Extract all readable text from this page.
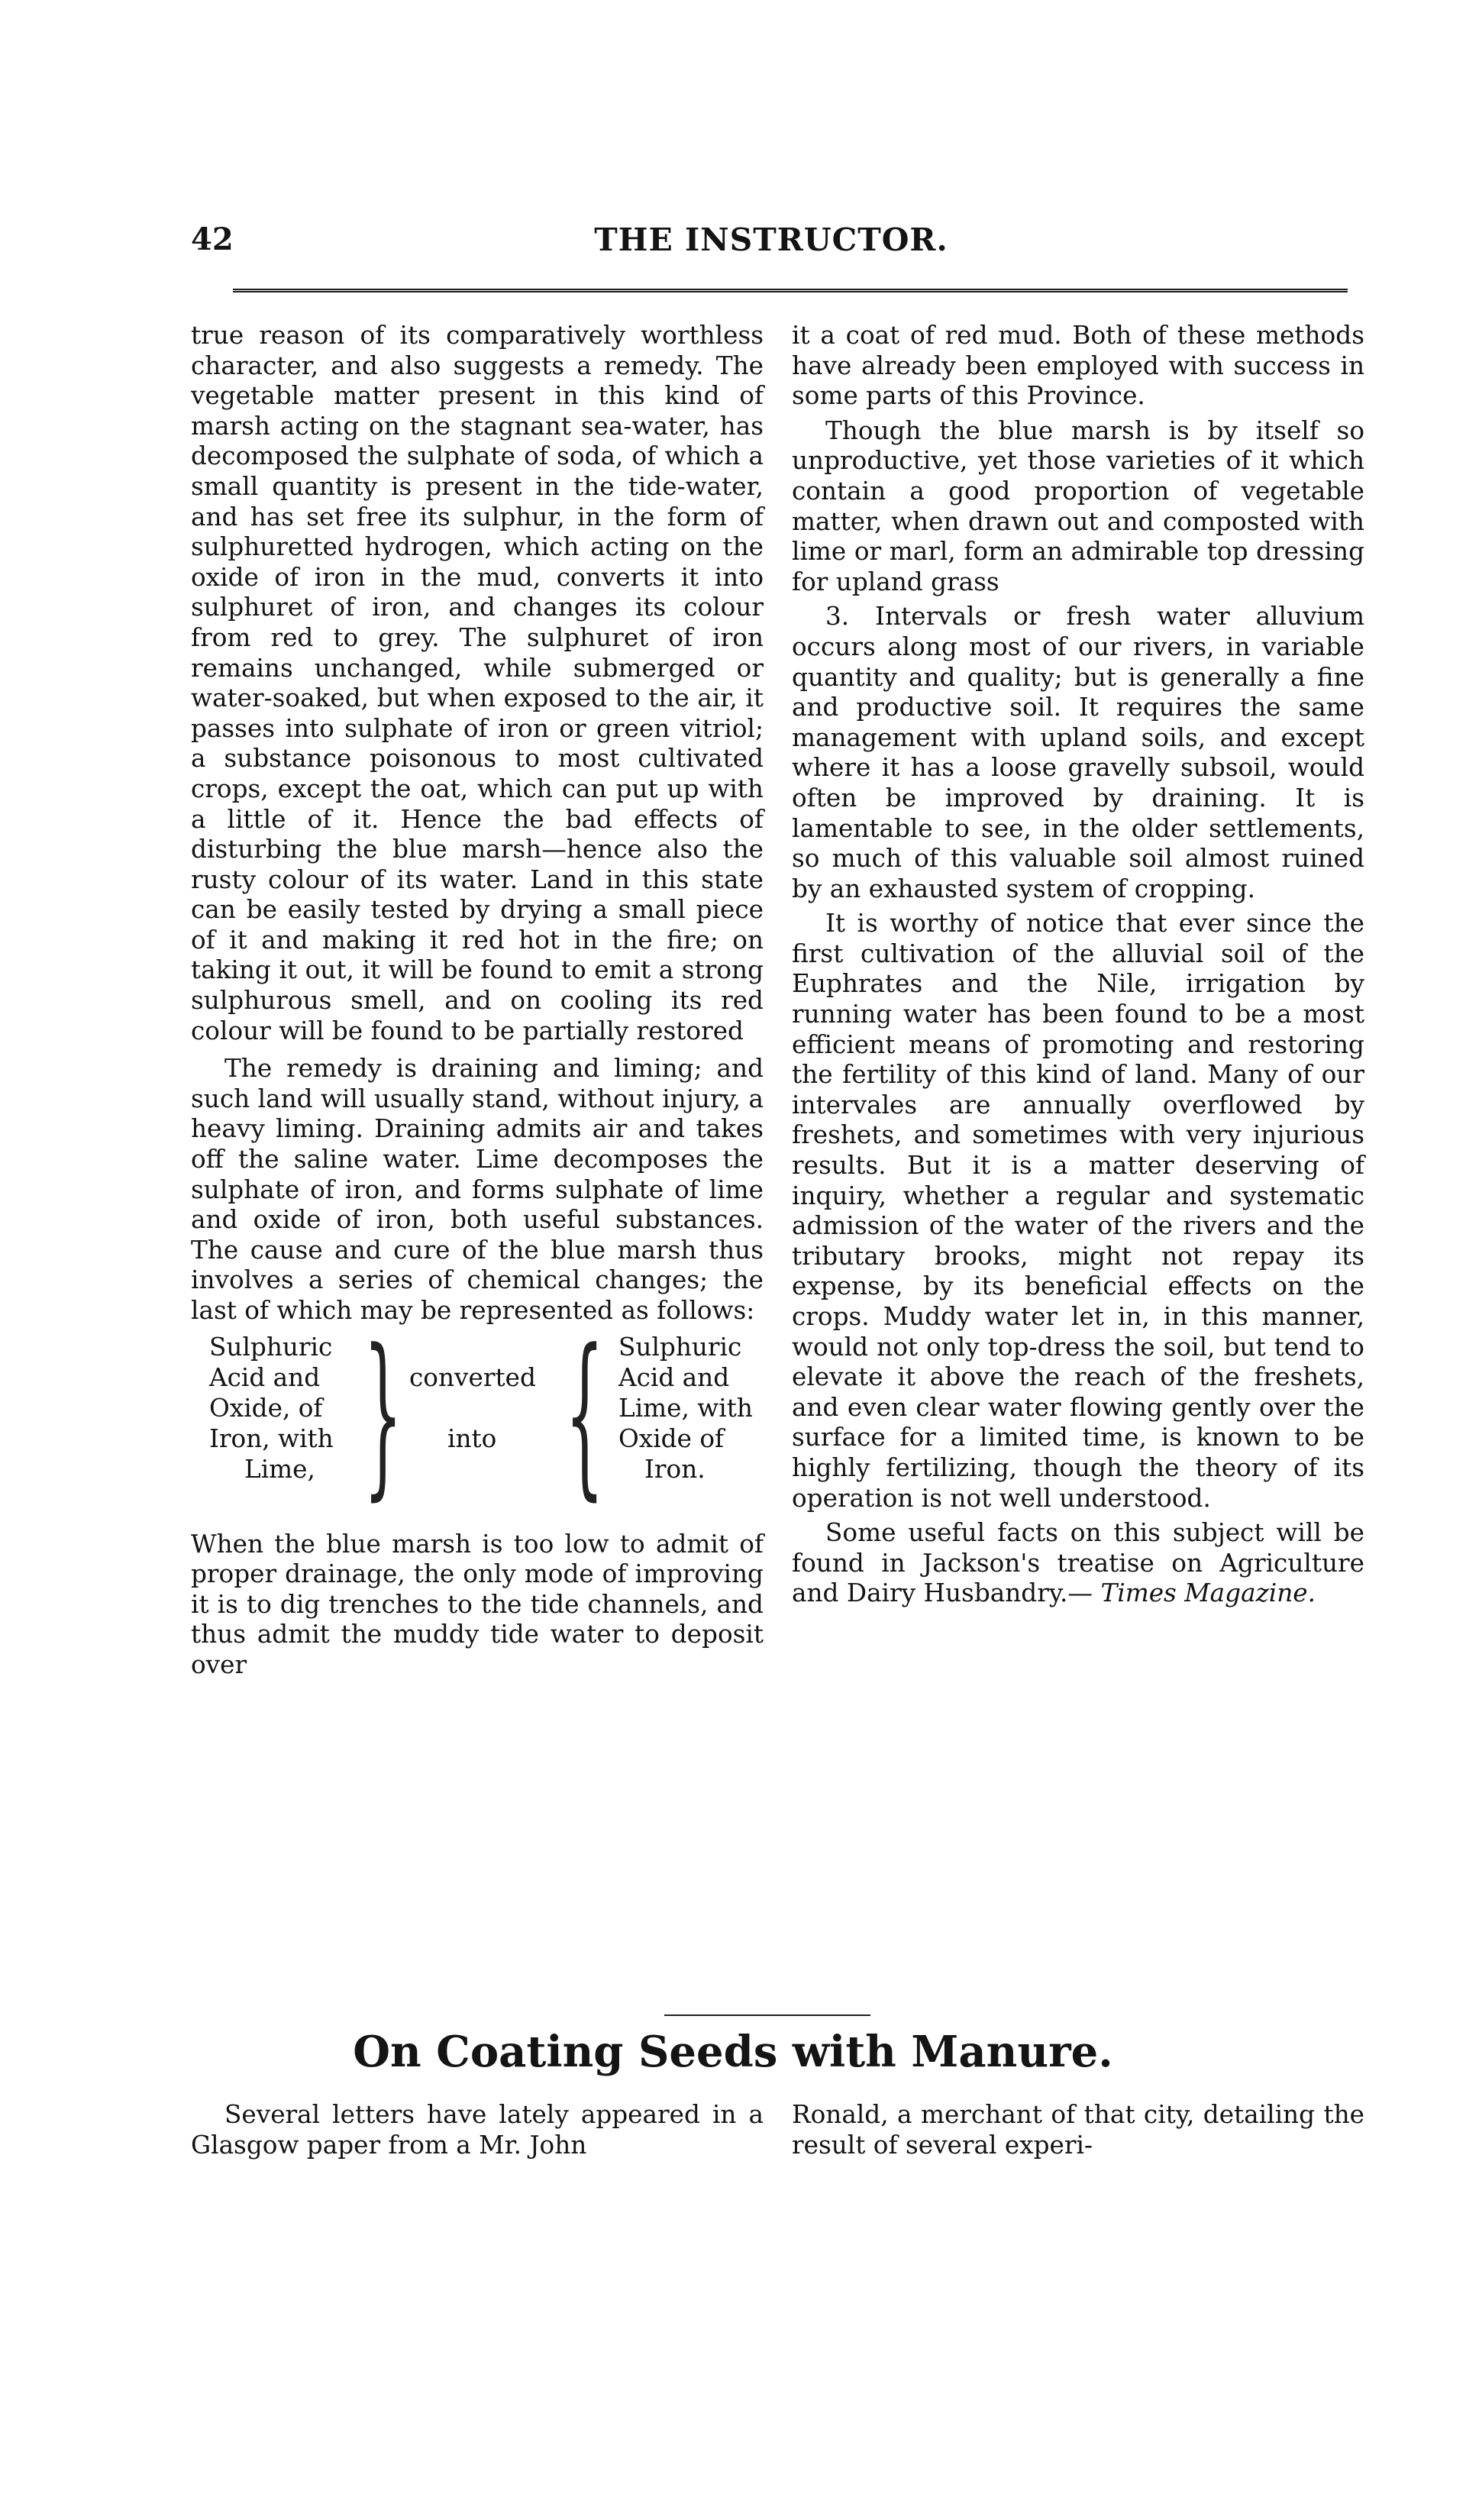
42	THE INSTRUCTOR.

true reason of its comparatively worthless character, and also suggests a remedy. The vegetable matter present in this kind of marsh acting on the stagnant sea-water, has decomposed the sulphate of soda, of which a small quantity is present in the tide-water, and has set free its sulphur, in the form of sulphuretted hydrogen, which acting on the oxide of iron in the mud, converts it into sulphuret of iron, and changes its colour from red to grey. The sulphuret of iron remains unchanged, while submerged or water-soaked, but when exposed to the air, it passes into sulphate of iron or green vitriol; a substance poisonous to most cultivated crops, except the oat, which can put up with a little of it. Hence the bad effects of disturbing the blue marsh—hence also the rusty colour of its water. Land in this state can be easily tested by drying a small piece of it and making it red hot in the fire; on taking it out, it will be found to emit a strong sulphurous smell, and on cooling its red colour will be found to be partially restored

The remedy is draining and liming; and such land will usually stand, without injury, a heavy liming. Draining admits air and takes off the saline water. Lime decomposes the sulphate of iron, and forms sulphate of lime and oxide of iron, both useful substances. The cause and cure of the blue marsh thus involves a series of chemical changes; the last of which may be represented as follows:

Sulphuric
Acid and
Oxide, of
Iron, with
Lime, } converted
into { Sulphuric
Acid and
Lime, with
Oxide of
Iron.

When the blue marsh is too low to admit of proper drainage, the only mode of improving it is to dig trenches to the tide channels, and thus admit the muddy tide water to deposit over

it a coat of red mud. Both of these methods have already been employed with success in some parts of this Province.

Though the blue marsh is by itself so unproductive, yet those varieties of it which contain a good proportion of vegetable matter, when drawn out and composted with lime or marl, form an admirable top dressing for upland grass

3. Intervals or fresh water alluvium occurs along most of our rivers, in variable quantity and quality; but is generally a fine and productive soil. It requires the same management with upland soils, and except where it has a loose gravelly subsoil, would often be improved by draining. It is lamentable to see, in the older settlements, so much of this valuable soil almost ruined by an exhausted system of cropping.

It is worthy of notice that ever since the first cultivation of the alluvial soil of the Euphrates and the Nile, irrigation by running water has been found to be a most efficient means of promoting and restoring the fertility of this kind of land. Many of our intervales are annually overflowed by freshets, and sometimes with very injurious results. But it is a matter deserving of inquiry, whether a regular and systematic admission of the water of the rivers and the tributary brooks, might not repay its expense, by its beneficial effects on the crops. Muddy water let in, in this manner, would not only top-dress the soil, but tend to elevate it above the reach of the freshets, and even clear water flowing gently over the surface for a limited time, is known to be highly fertilizing, though the theory of its operation is not well understood.

Some useful facts on this subject will be found in Jackson's treatise on Agriculture and Dairy Husbandry.— Times Magazine.

On Coating Seeds with Manure.

Several letters have lately appeared in a Glasgow paper from a Mr. John

Ronald, a merchant of that city, detailing the result of several experi-
